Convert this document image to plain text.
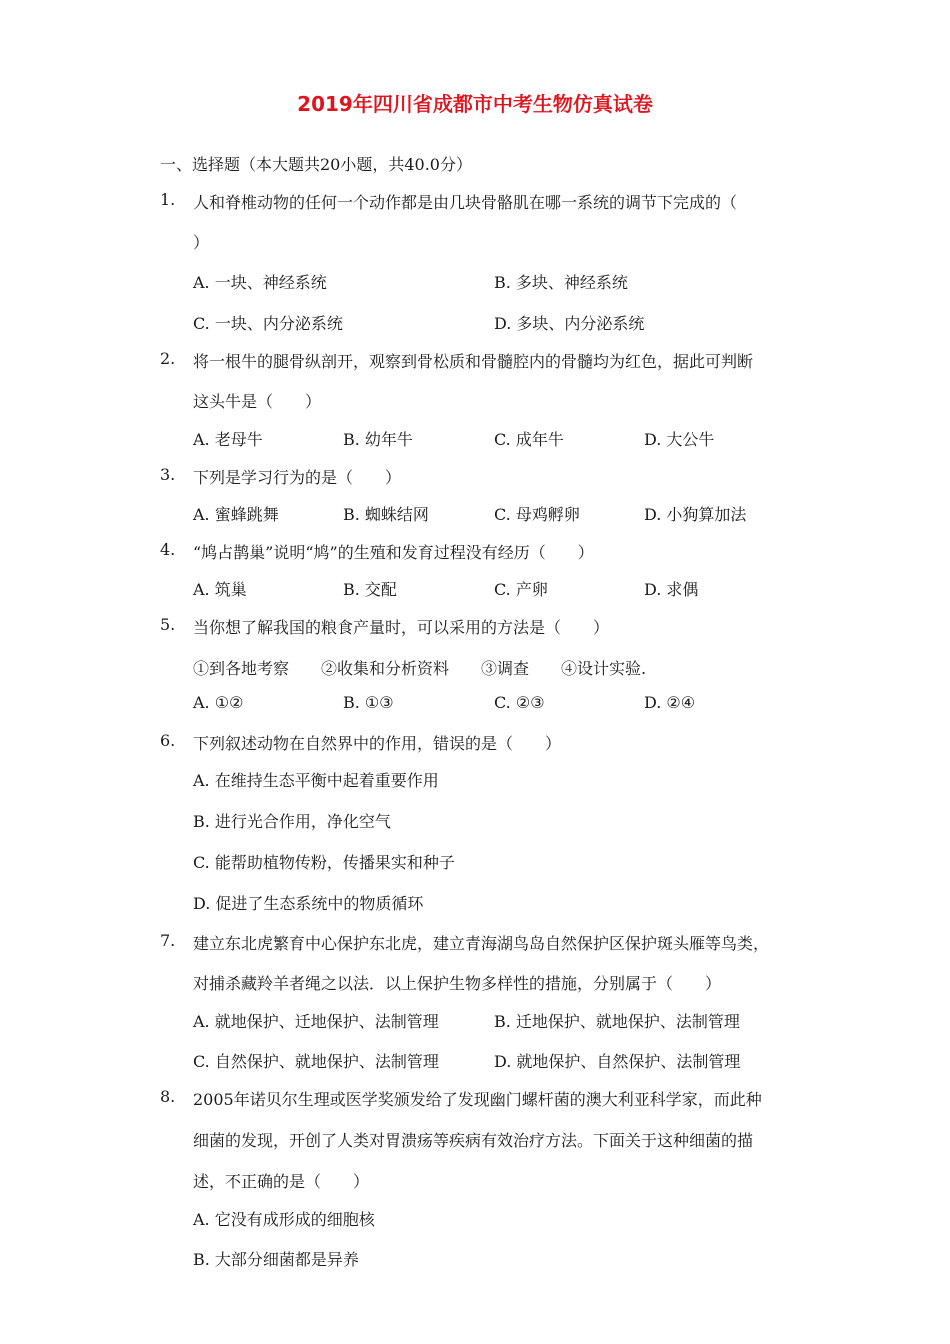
2019年四川省成都市中考生物仿真试卷
一、选择题（本大题共20小题，共40.0分）
1. 人和脊椎动物的任何一个动作都是由几块骨骼肌在哪一系统的调节下完成的（
）
A. 一块、神经系统	B. 多块、神经系统
C. 一块、内分泌系统	D. 多块、内分泌系统
2. 将一根牛的腿骨纵剖开，观察到骨松质和骨髓腔内的骨髓均为红色，据此可判断
这头牛是（　　）
A. 老母牛	B. 幼年牛	C. 成年牛	D. 大公牛
3. 下列是学习行为的是（　　）
A. 蜜蜂跳舞	B. 蜘蛛结网	C. 母鸡孵卵	D. 小狗算加法
4. “鸠占鹊巢”说明“鸠”的生殖和发育过程没有经历（　　）
A. 筑巢	B. 交配	C. 产卵	D. 求偶
5. 当你想了解我国的粮食产量时，可以采用的方法是（　　）
①到各地考察　　②收集和分析资料　　③调查　　④设计实验.
A. ①②	B. ①③	C. ②③	D. ②④
6. 下列叙述动物在自然界中的作用，错误的是（　　）
A. 在维持生态平衡中起着重要作用
B. 进行光合作用，净化空气
C. 能帮助植物传粉，传播果实和种子
D. 促进了生态系统中的物质循环
7. 建立东北虎繁育中心保护东北虎，建立青海湖鸟岛自然保护区保护斑头雁等鸟类，
对捕杀藏羚羊者绳之以法．以上保护生物多样性的措施，分别属于（　　）
A. 就地保护、迁地保护、法制管理	B. 迁地保护、就地保护、法制管理
C. 自然保护、就地保护、法制管理	D. 就地保护、自然保护、法制管理
8. 2005年诺贝尔生理或医学奖颁发给了发现幽门螺杆菌的澳大利亚科学家，而此种
细菌的发现，开创了人类对胃溃疡等疾病有效治疗方法。下面关于这种细菌的描
述，不正确的是（　　）
A. 它没有成形成的细胞核
B. 大部分细菌都是异养
